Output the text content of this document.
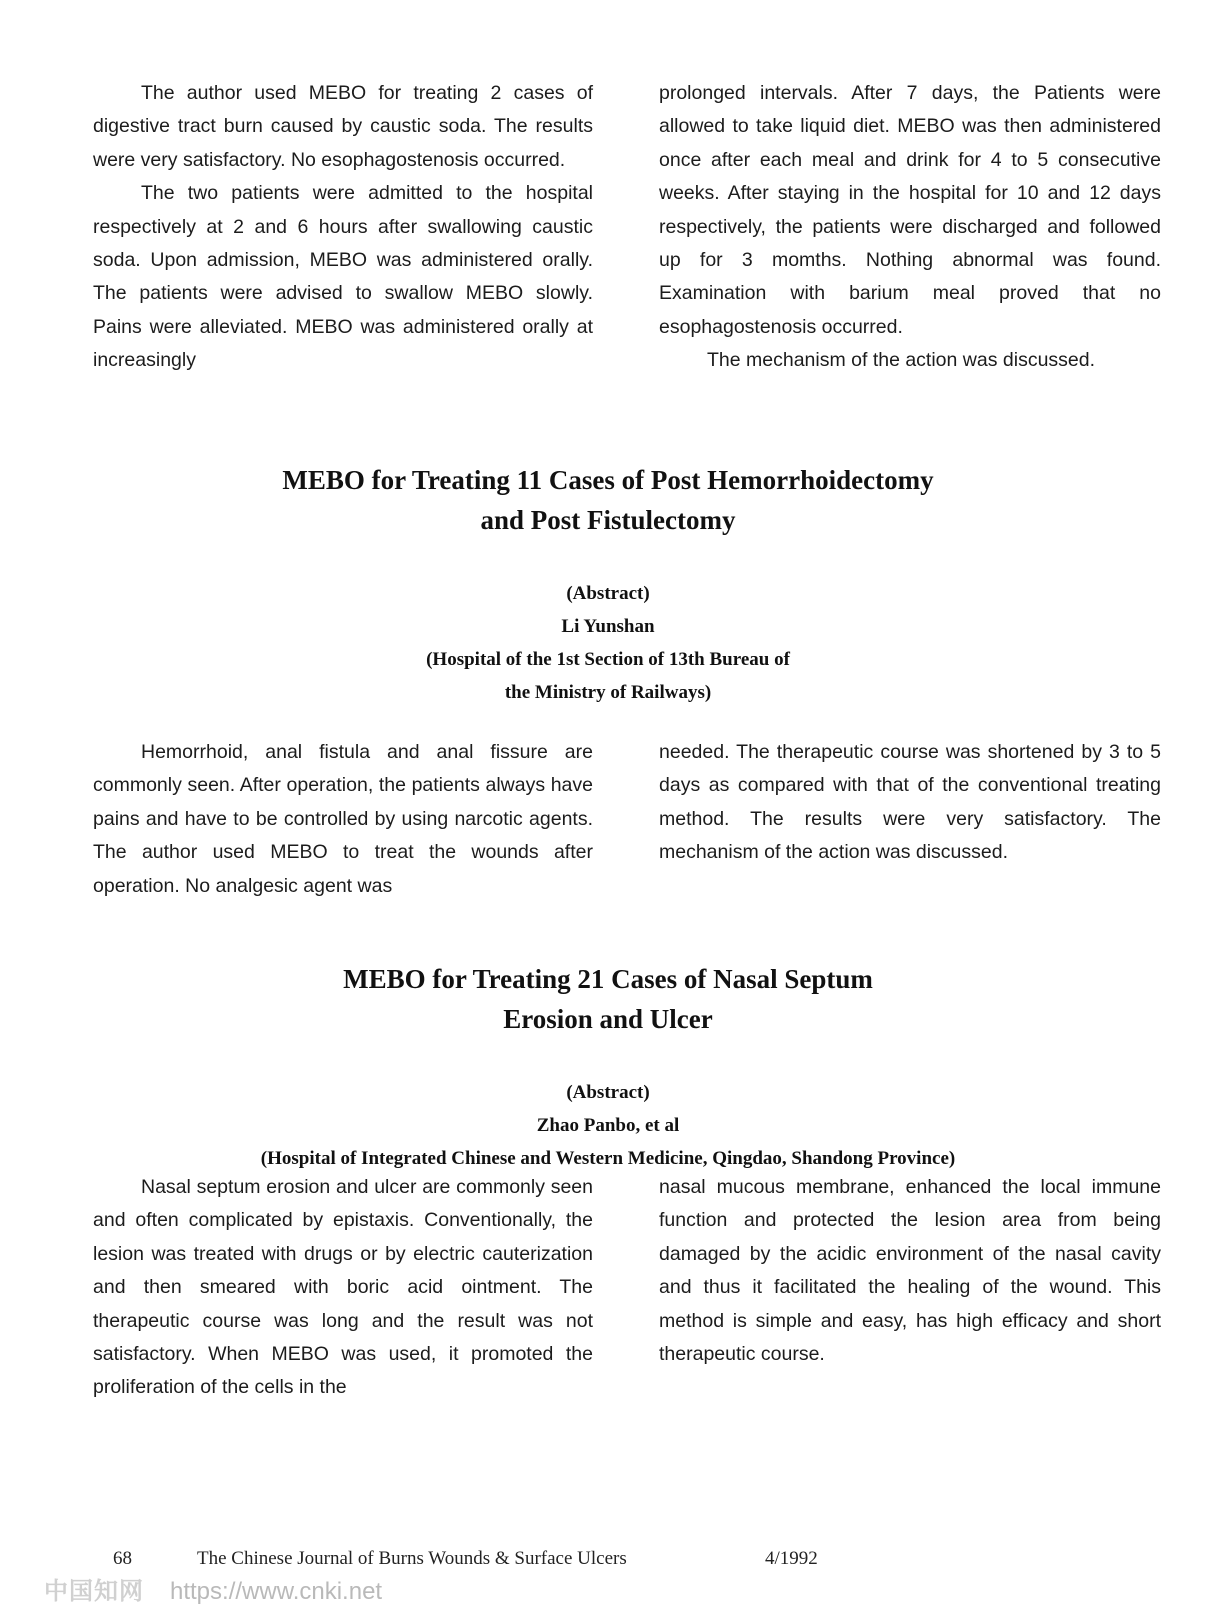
The author used MEBO for treating 2 cases of digestive tract burn caused by caustic soda. The results were very satisfactory. No esophagostenosis occurred.

The two patients were admitted to the hospital respectively at 2 and 6 hours after swallowing caustic soda. Upon admission, MEBO was administered orally. The patients were advised to swallow MEBO slowly. Pains were alleviated. MEBO was administered orally at increasingly

prolonged intervals. After 7 days, the Patients were allowed to take liquid diet. MEBO was then administered once after each meal and drink for 4 to 5 consecutive weeks. After staying in the hospital for 10 and 12 days respectively, the patients were discharged and followed up for 3 momths. Nothing abnormal was found. Examination with barium meal proved that no esophagostenosis occurred.

The mechanism of the action was discussed.

MEBO for Treating 11 Cases of Post Hemorrhoidectomy
and Post Fistulectomy
(Abstract)
Li Yunshan
(Hospital of the 1st Section of 13th Bureau of
the Ministry of Railways)

Hemorrhoid, anal fistula and anal fissure are commonly seen. After operation, the patients always have pains and have to be controlled by using narcotic agents. The author used MEBO to treat the wounds after operation. No analgesic agent was

needed. The therapeutic course was shortened by 3 to 5 days as compared with that of the conventional treating method. The results were very satisfactory. The mechanism of the action was discussed.

MEBO for Treating 21 Cases of Nasal Septum
Erosion and Ulcer
(Abstract)
Zhao Panbo, et al
(Hospital of Integrated Chinese and Western Medicine, Qingdao, Shandong Province)

Nasal septum erosion and ulcer are commonly seen and often complicated by epistaxis. Conventionally, the lesion was treated with drugs or by electric cauterization and then smeared with boric acid ointment. The therapeutic course was long and the result was not satisfactory. When MEBO was used, it promoted the proliferation of the cells in the

nasal mucous membrane, enhanced the local immune function and protected the lesion area from being damaged by the acidic environment of the nasal cavity and thus it facilitated the healing of the wound. This method is simple and easy, has high efficacy and short therapeutic course.

68	The Chinese Journal of Burns Wounds & Surface Ulcers	4/1992
中国知网 https://www.cnki.net
